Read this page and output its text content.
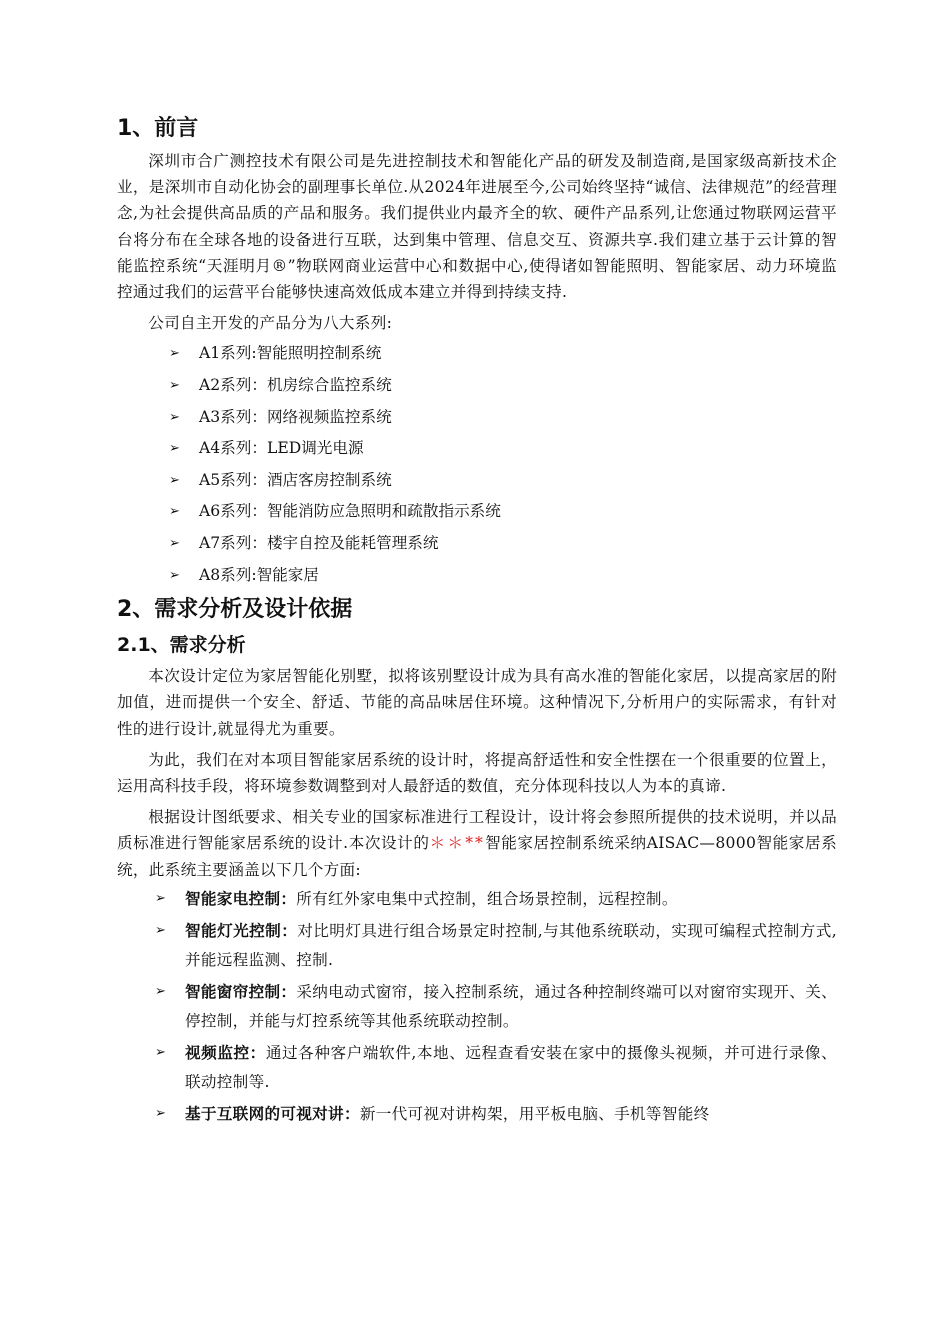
1、前言

深圳市合广测控技术有限公司是先进控制技术和智能化产品的研发及制造商,是国家级高新技术企业，是深圳市自动化协会的副理事长单位.从2024年进展至今,公司始终坚持“诚信、法律规范”的经营理念,为社会提供高品质的产品和服务。我们提供业内最齐全的软、硬件产品系列,让您通过物联网运营平台将分布在全球各地的设备进行互联，达到集中管理、信息交互、资源共享.我们建立基于云计算的智能监控系统“天涯明月®”物联网商业运营中心和数据中心,使得诸如智能照明、智能家居、动力环境监控通过我们的运营平台能够快速高效低成本建立并得到持续支持.

公司自主开发的产品分为八大系列:

➢ A1系列:智能照明控制系统
➢ A2系列：机房综合监控系统
➢ A3系列：网络视频监控系统
➢ A4系列：LED调光电源
➢ A5系列：酒店客房控制系统
➢ A6系列：智能消防应急照明和疏散指示系统
➢ A7系列：楼宇自控及能耗管理系统
➢ A8系列:智能家居
2、需求分析及设计依据
2.1、需求分析

本次设计定位为家居智能化别墅，拟将该别墅设计成为具有高水准的智能化家居，以提高家居的附加值，进而提供一个安全、舒适、节能的高品味居住环境。这种情况下,分析用户的实际需求，有针对性的进行设计,就显得尤为重要。

为此，我们在对本项目智能家居系统的设计时，将提高舒适性和安全性摆在一个很重要的位置上，运用高科技手段，将环境参数调整到对人最舒适的数值，充分体现科技以人为本的真谛.

根据设计图纸要求、相关专业的国家标准进行工程设计，设计将会参照所提供的技术说明，并以品质标准进行智能家居系统的设计.本次设计的＊＊**智能家居控制系统采纳AISAC—8000智能家居系统，此系统主要涵盖以下几个方面:

➢ 智能家电控制：所有红外家电集中式控制，组合场景控制，远程控制。
➢ 智能灯光控制：对比明灯具进行组合场景定时控制,与其他系统联动，实现可编程式控制方式,并能远程监测、控制.
➢ 智能窗帘控制：采纳电动式窗帘，接入控制系统，通过各种控制终端可以对窗帘实现开、关、停控制，并能与灯控系统等其他系统联动控制。
➢ 视频监控：通过各种客户端软件,本地、远程查看安装在家中的摄像头视频，并可进行录像、联动控制等.
➢ 基于互联网的可视对讲：新一代可视对讲构架，用平板电脑、手机等智能终
